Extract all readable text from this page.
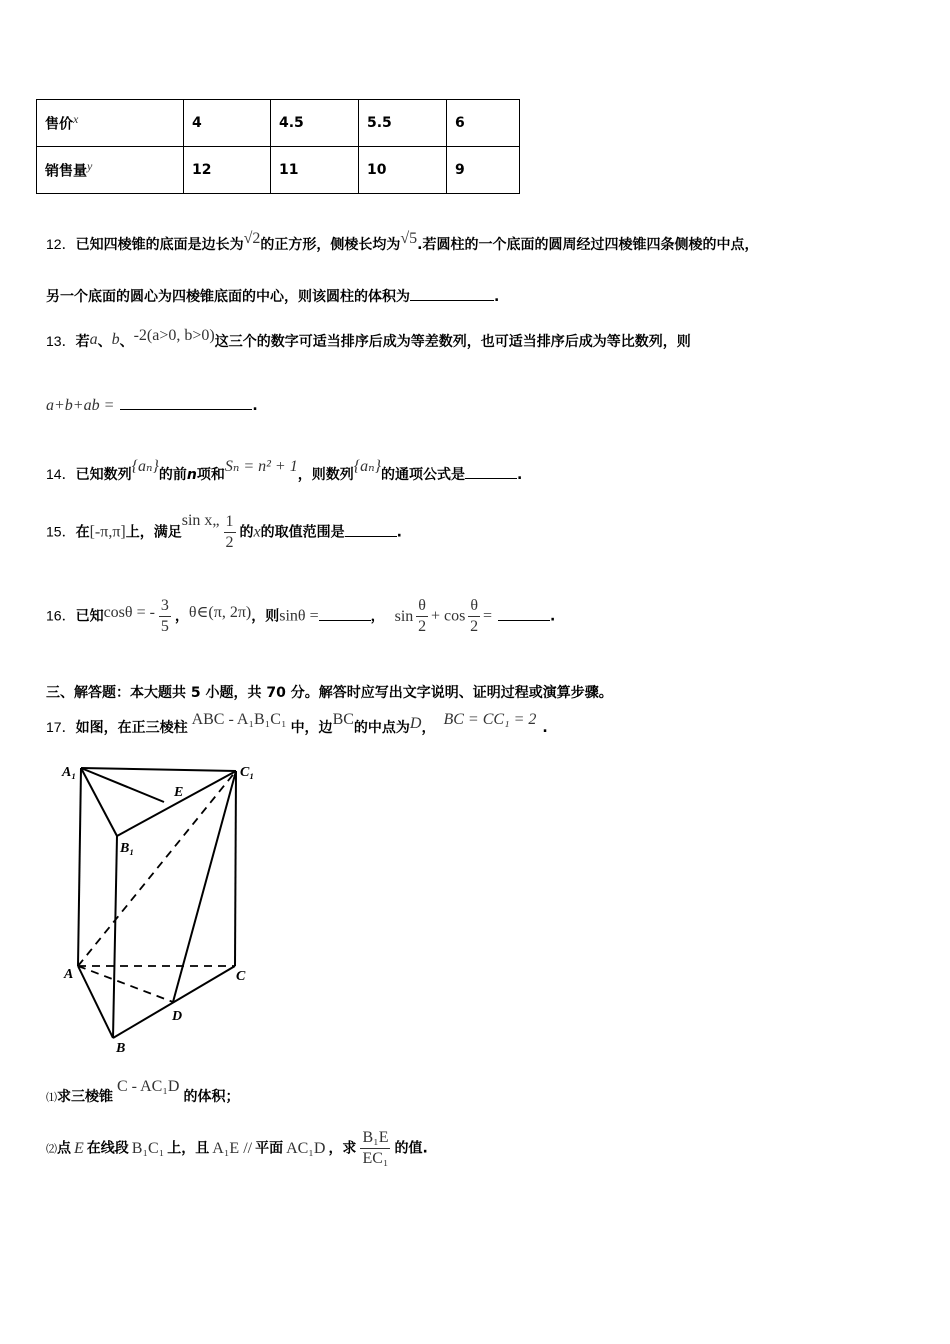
售价$^x$	4	4.5	5.5	6
销售量$^y$	12	11	10	9
12．已知四棱锥的底面是边长为√2的正方形，侧棱长均为√5.若圆柱的一个底面的圆周经过四棱锥四条侧棱的中点，
另一个底面的圆心为四棱锥底面的中心，则该圆柱的体积为	.
13．若a、b、-2(a>0, b>0)这三个的数字可适当排序后成为等差数列，也可适当排序后成为等比数列，则
a+b+ab =	.
14．已知数列{aₙ}的前n项和Sₙ = n² + 1，则数列{aₙ}的通项公式是	.
15．在[-π,π]上，满足sin x„ $\frac{1}{2}$ 的x的取值范围是	.
16．已知cosθ = - $\frac{3}{5}$ ，θ∈(π, 2π)，则sinθ =	， $\sin \frac{\theta}{2} + \cos \frac{\theta}{2}$ =	.
三、解答题：本大题共 5 小题，共 70 分。解答时应写出文字说明、证明过程或演算步骤。
17．如图，在正三棱柱 ABC - A₁B₁C₁ 中，边BC的中点为D， BC = CC₁ = 2 .
A₁	C₁
E
B₁
A	C
D
B
⑴求三棱锥C - AC₁D的体积；
⑵点 E 在线段 B₁C₁ 上，且 A₁E // 平面 AC₁D ，求 $\frac{\text{B₁E}}{\text{EC₁}}$ 的值.
